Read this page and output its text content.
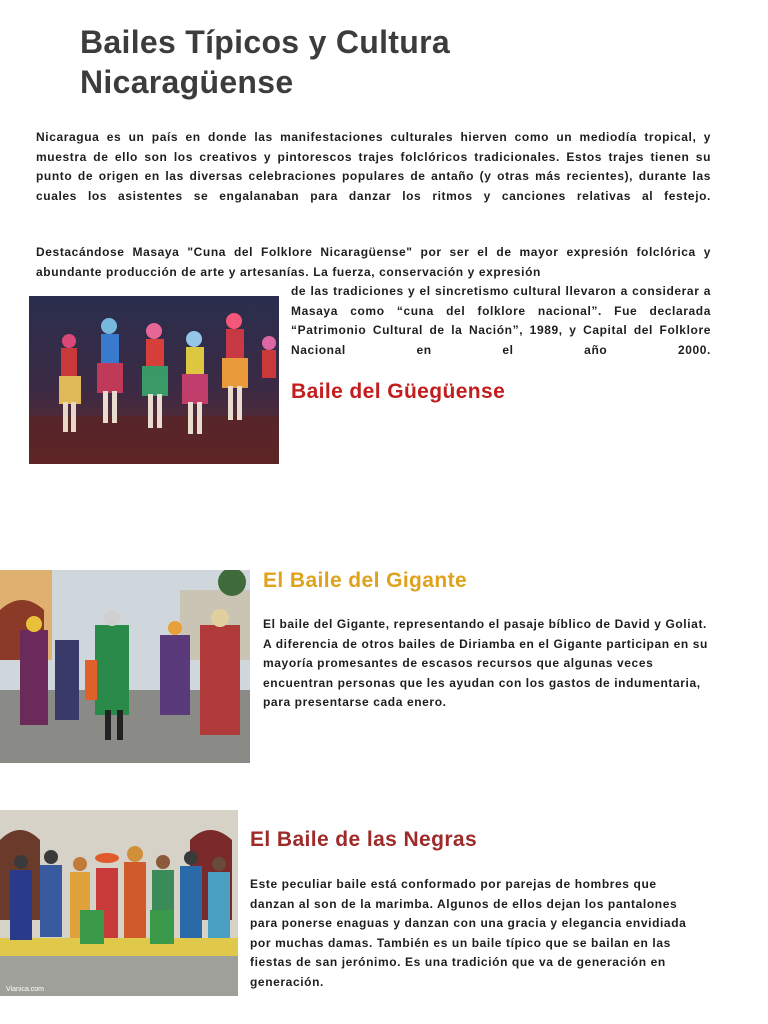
Bailes Típicos y Cultura Nicaragüense
Nicaragua es un país en donde las manifestaciones culturales hierven como un mediodía tropical, y muestra de ello son los creativos y pintorescos trajes folclóricos tradicionales. Estos trajes tienen su punto de origen en las diversas celebraciones populares de antaño (y otras más recientes), durante las cuales los asistentes se engalanaban para danzar los ritmos y canciones relativas al festejo.
Destacándose Masaya "Cuna del Folklore Nicaragüense" por ser el de mayor expresión folclórica y abundante producción de arte y artesanías. La fuerza, conservación y expresión
de las tradiciones y el sincretismo cultural llevaron a considerar a Masaya como “cuna del folklore nacional”. Fue declarada “Patrimonio Cultural de la Nación”, 1989, y Capital del Folklore Nacional en el año 2000.
Baile del Güegüense
El Baile del Gigante
El baile del Gigante, representando el pasaje bíblico de David y Goliat. A diferencia de otros bailes de Diriamba en el Gigante participan en su mayoría promesantes de escasos recursos que algunas veces encuentran personas que les ayudan con los gastos de indumentaria, para presentarse cada enero.
Vianica.com
El Baile de las Negras
Este peculiar baile está conformado por parejas de hombres que danzan al son de la marimba. Algunos de ellos dejan los pantalones para ponerse enaguas y danzan con una gracia y elegancia envidiada por muchas damas. También es un baile típico que se bailan en las fiestas de san jerónimo. Es una tradición que va de generación en generación.
